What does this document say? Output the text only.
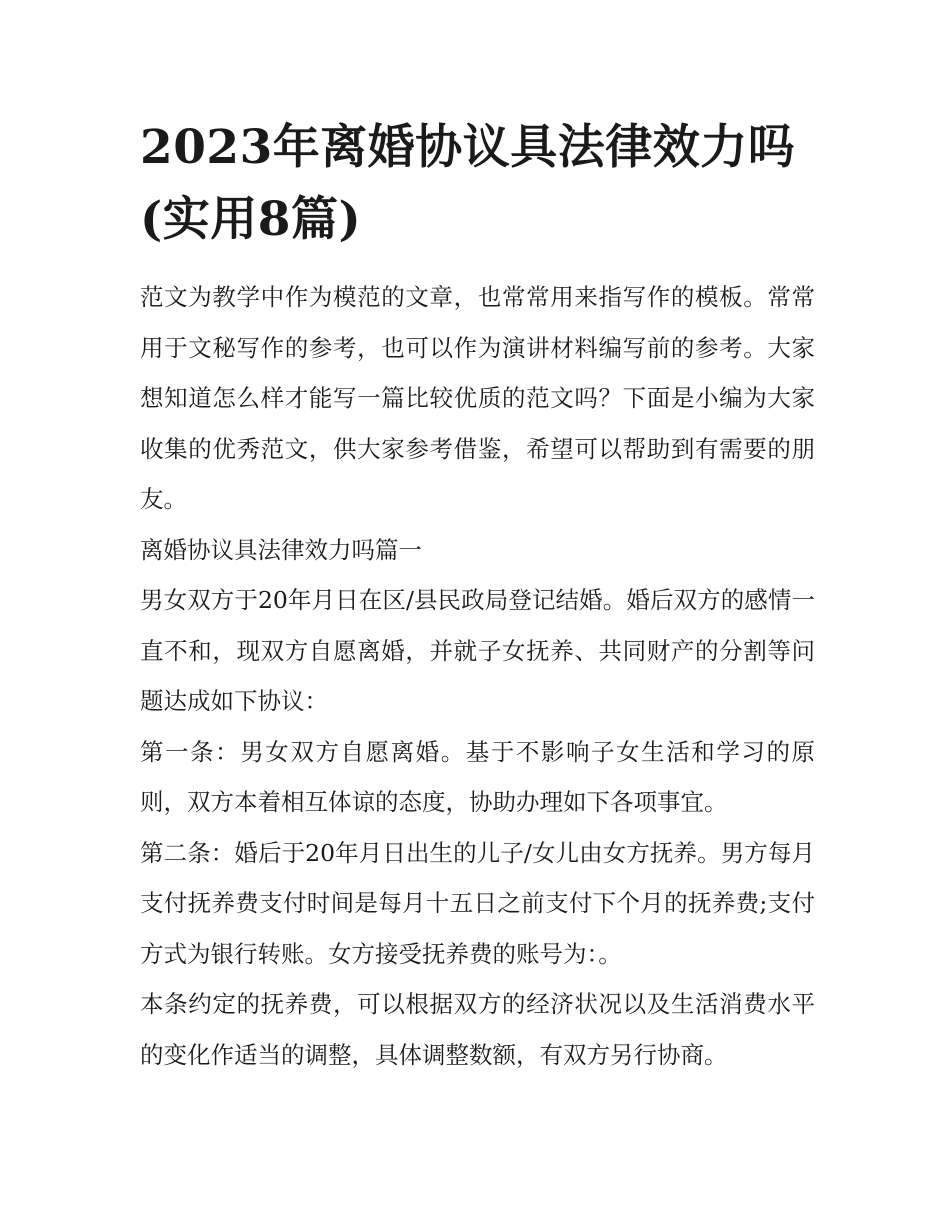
2023年离婚协议具法律效力吗(实用8篇)

范文为教学中作为模范的文章，也常常用来指写作的模板。常常用于文秘写作的参考，也可以作为演讲材料编写前的参考。大家想知道怎么样才能写一篇比较优质的范文吗？下面是小编为大家收集的优秀范文，供大家参考借鉴，希望可以帮助到有需要的朋友。

离婚协议具法律效力吗篇一

男女双方于20年月日在区/县民政局登记结婚。婚后双方的感情一直不和，现双方自愿离婚，并就子女抚养、共同财产的分割等问题达成如下协议：

第一条：男女双方自愿离婚。基于不影响子女生活和学习的原则，双方本着相互体谅的态度，协助办理如下各项事宜。

第二条：婚后于20年月日出生的儿子/女儿由女方抚养。男方每月支付抚养费支付时间是每月十五日之前支付下个月的抚养费;支付方式为银行转账。女方接受抚养费的账号为：。

本条约定的抚养费，可以根据双方的经济状况以及生活消费水平的变化作适当的调整，具体调整数额，有双方另行协商。
